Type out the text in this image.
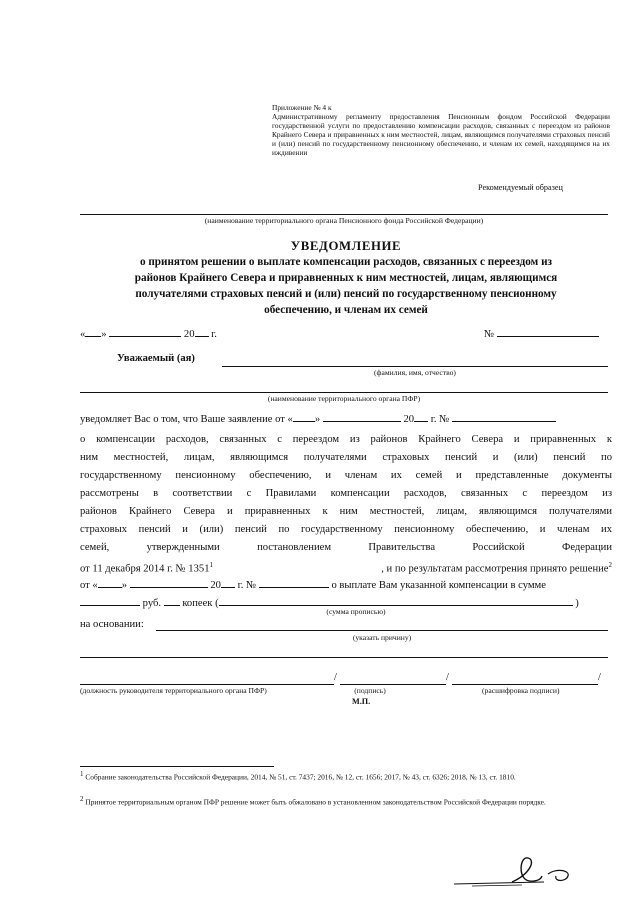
Приложение № 4 к
Административному регламенту предоставления Пенсионным фондом Российской Федерации государственной услуги по предоставлению компенсации расходов, связанных с переездом из районов Крайнего Севера и приравненных к ним местностей, лицам, являющимся получателями страховых пенсий и (или) пенсий по государственному пенсионному обеспечению, и членам их семей, находящимся на их иждивении
Рекомендуемый образец
(наименование территориального органа Пенсионного фонда Российской Федерации)
УВЕДОМЛЕНИЕ
о принятом решении о выплате компенсации расходов, связанных с переездом из
районов Крайнего Севера и приравненных к ним местностей, лицам, являющимся
получателями страховых пенсий и (или) пенсий по государственному пенсионному
обеспечению, и членам их семей
« »	20 г.	№
Уважаемый (ая)
(фамилия, имя, отчество)
(наименование территориального органа ПФР)
уведомляет Вас о том, что Ваше заявление от « »	20 г. №
о компенсации расходов, связанных с переездом из районов Крайнего Севера и приравненных к
ним местностей, лицам, являющимся получателями страховых пенсий и (или) пенсий по
государственному пенсионному обеспечению, и членам их семей и представленные документы
рассмотрены в соответствии с Правилами компенсации расходов, связанных с переездом из
районов Крайнего Севера и приравненных к ним местностей, лицам, являющимся получателями
страховых пенсий и (или) пенсий по государственному пенсионному обеспечению, и членам их
семей, утвержденными постановлением Правительства Российской Федерации
от 11 декабря 2014 г. № 1351$^1$	, и по результатам рассмотрения принято решение$^2$
от « »	20 г. №	о выплате Вам указанной компенсации в сумме
руб. копеек (	)
(сумма прописью)
на основании:
(указать причину)
/	/	/
(должность руководителя территориального органа ПФР)	(подпись)	(расшифровка подписи)
М.П.
$^1$ Собрание законодательства Российской Федерации, 2014, № 51, ст. 7437; 2016, № 12, ст. 1656; 2017, № 43, ст. 6326; 2018, № 13, ст. 1810.
$^2$ Принятое территориальным органом ПФР решение может быть обжаловано в установленном законодательством Российской Федерации порядке.
